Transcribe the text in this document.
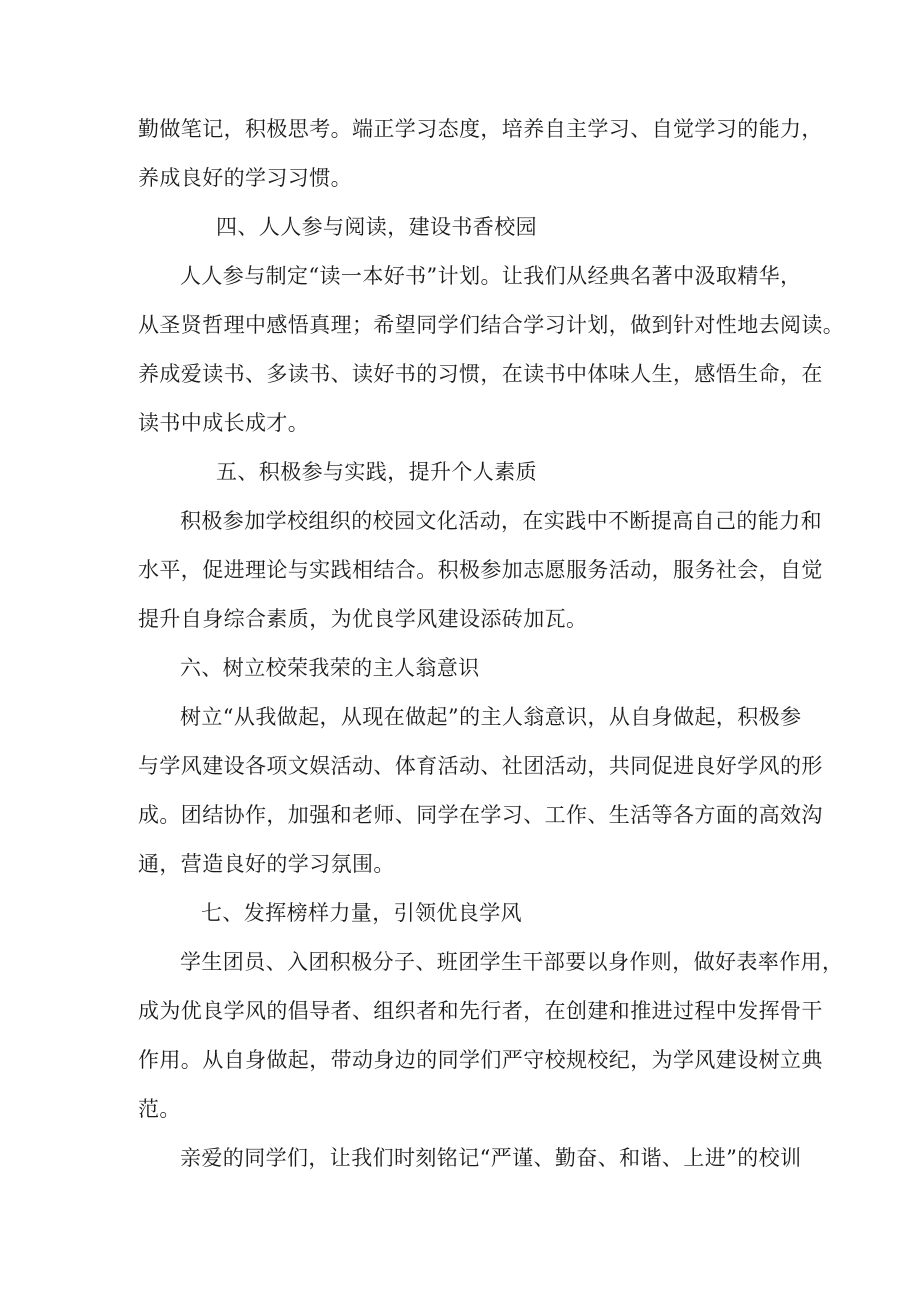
勤做笔记，积极思考。端正学习态度，培养自主学习、自觉学习的能力，
养成良好的学习习惯。
四、人人参与阅读，建设书香校园
人人参与制定“读一本好书”计划。让我们从经典名著中汲取精华，
从圣贤哲理中感悟真理；希望同学们结合学习计划，做到针对性地去阅读。
养成爱读书、多读书、读好书的习惯，在读书中体味人生，感悟生命，在
读书中成长成才。
五、积极参与实践，提升个人素质
积极参加学校组织的校园文化活动，在实践中不断提高自己的能力和
水平，促进理论与实践相结合。积极参加志愿服务活动，服务社会，自觉
提升自身综合素质，为优良学风建设添砖加瓦。
六、树立校荣我荣的主人翁意识
树立“从我做起，从现在做起”的主人翁意识，从自身做起，积极参
与学风建设各项文娱活动、体育活动、社团活动，共同促进良好学风的形
成。团结协作，加强和老师、同学在学习、工作、生活等各方面的高效沟
通，营造良好的学习氛围。
七、发挥榜样力量，引领优良学风
学生团员、入团积极分子、班团学生干部要以身作则，做好表率作用，
成为优良学风的倡导者、组织者和先行者，在创建和推进过程中发挥骨干
作用。从自身做起，带动身边的同学们严守校规校纪，为学风建设树立典
范。
亲爱的同学们，让我们时刻铭记“严谨、勤奋、和谐、上进”的校训
